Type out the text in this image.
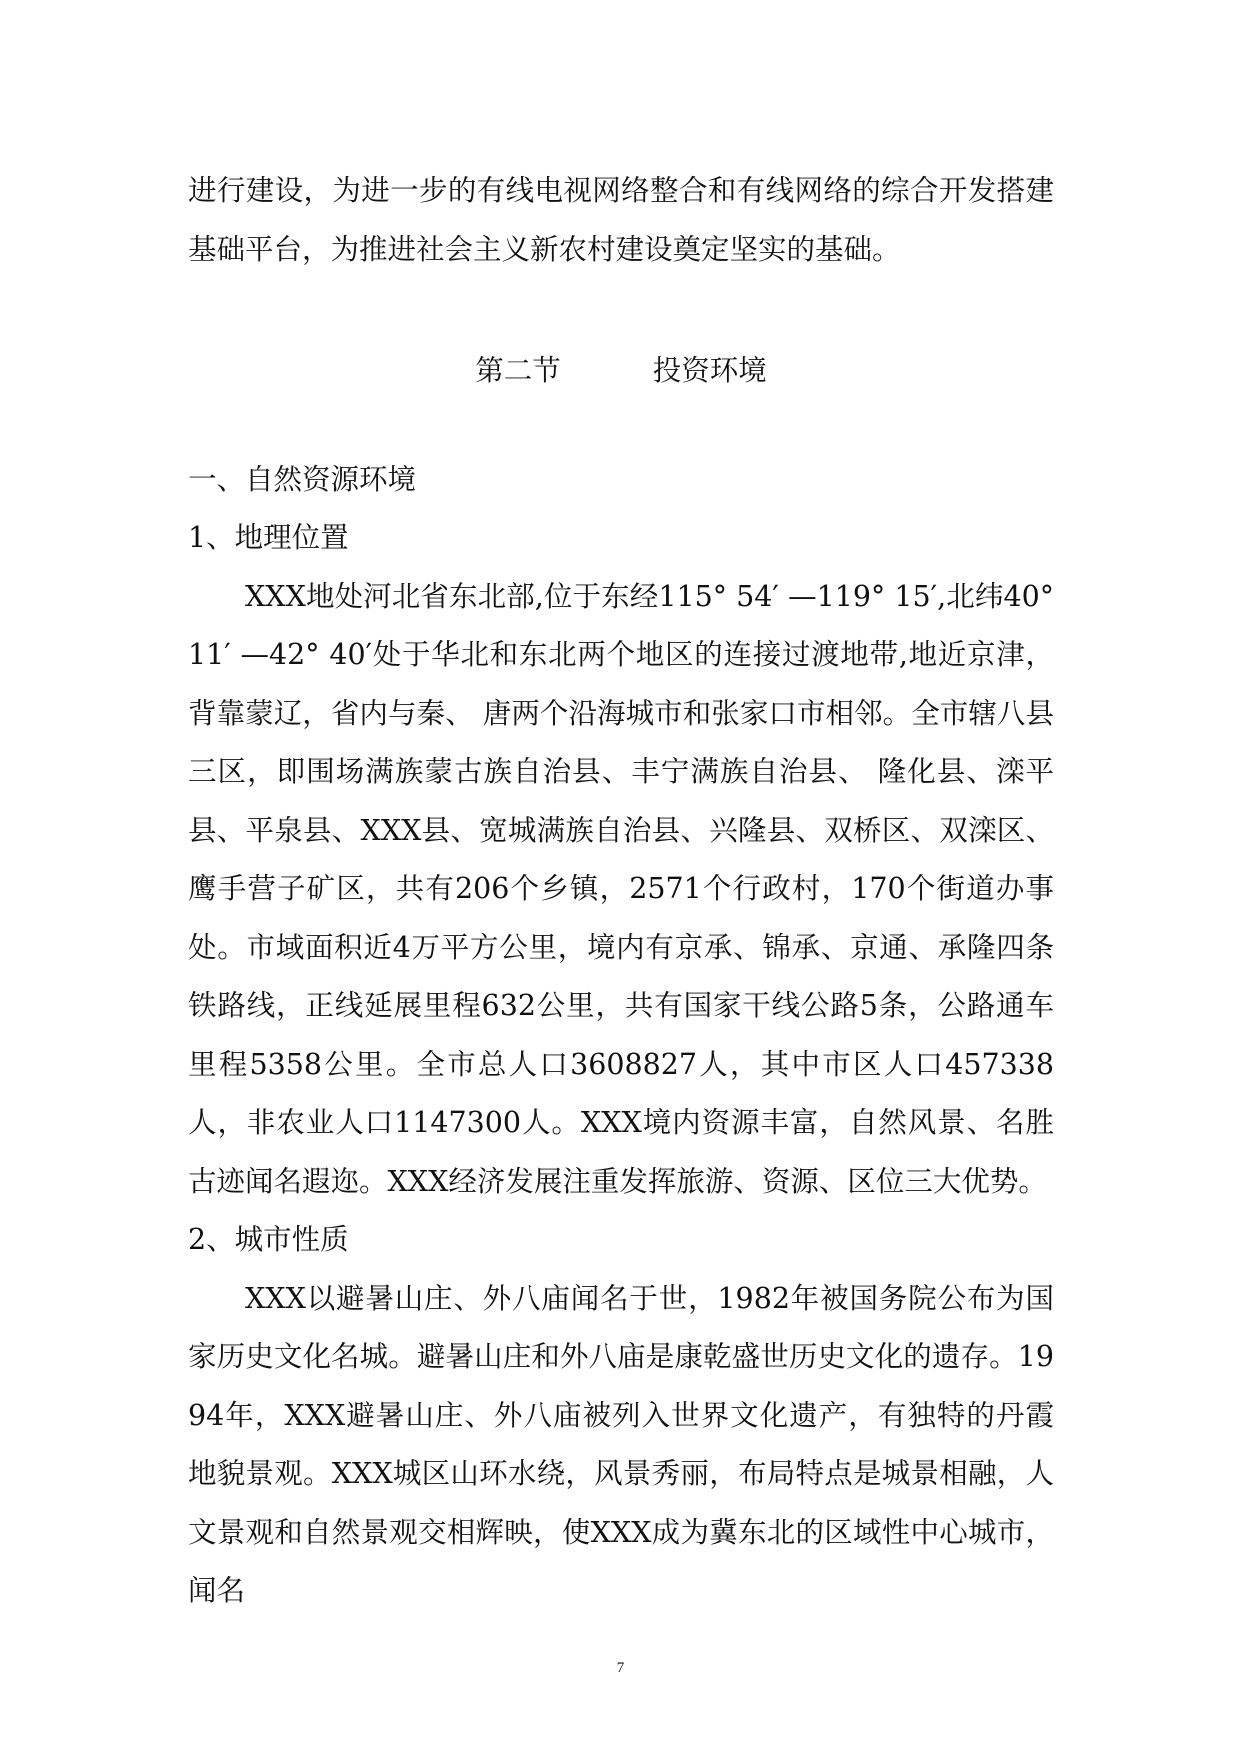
进行建设，为进一步的有线电视网络整合和有线网络的综合开发搭建基础平台，为推进社会主义新农村建设奠定坚实的基础。

第二节	投资环境

一、自然资源环境

1、地理位置

XXX地处河北省东北部,位于东经115° 54′ —119° 15′,北纬40° 11′ —42° 40′处于华北和东北两个地区的连接过渡地带,地近京津，背靠蒙辽，省内与秦、 唐两个沿海城市和张家口市相邻。全市辖八县三区，即围场满族蒙古族自治县、丰宁满族自治县、 隆化县、滦平县、平泉县、XXX县、宽城满族自治县、兴隆县、双桥区、双滦区、 鹰手营子矿区，共有206个乡镇，2571个行政村，170个街道办事处。市域面积近4万平方公里，境内有京承、锦承、京通、承隆四条铁路线，正线延展里程632公里，共有国家干线公路5条，公路通车里程5358公里。全市总人口3608827人，其中市区人口457338人，非农业人口1147300人。XXX境内资源丰富，自然风景、名胜古迹闻名遐迩。XXX经济发展注重发挥旅游、资源、区位三大优势。

2、城市性质

XXX以避暑山庄、外八庙闻名于世，1982年被国务院公布为国家历史文化名城。避暑山庄和外八庙是康乾盛世历史文化的遗存。1994年，XXX避暑山庄、外八庙被列入世界文化遗产，有独特的丹霞地貌景观。XXX城区山环水绕，风景秀丽，布局特点是城景相融，人文景观和自然景观交相辉映，使XXX成为冀东北的区域性中心城市，闻名

7
